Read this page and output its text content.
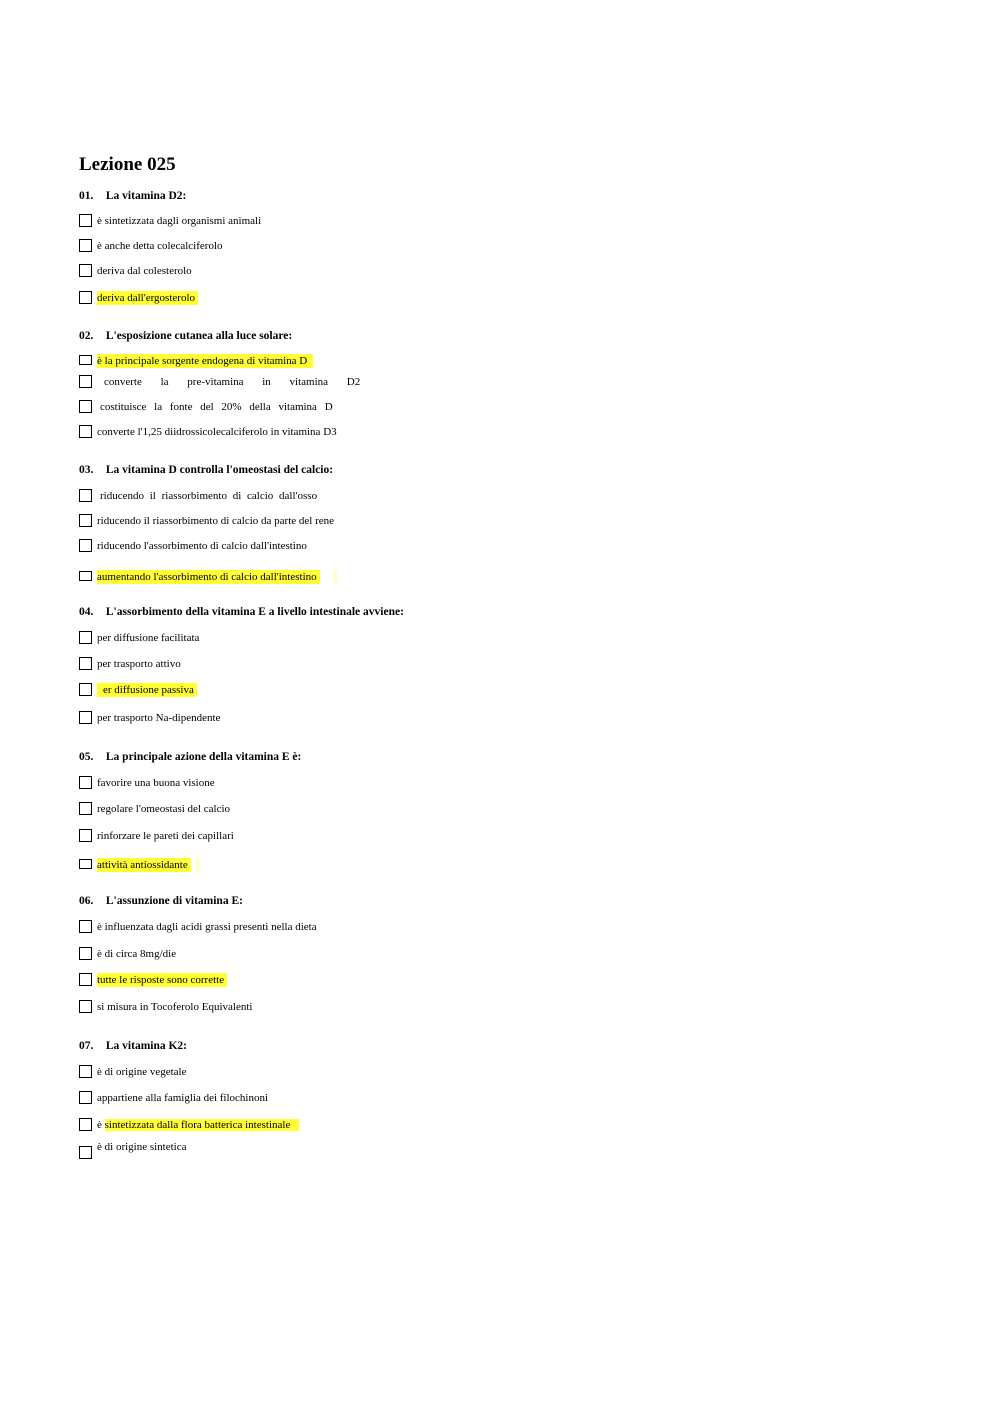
Lezione 025
01. La vitamina D2:
è sintetizzata dagli organismi animali
è anche detta colecalciferolo
deriva dal colesterolo
deriva dall'ergosterolo
02. L'esposizione cutanea alla luce solare:
è la principale sorgente endogena di vitamina D
converte la pre-vitamina in vitamina D2
costituisce la fonte del 20% della vitamina D
converte l'1,25 diidrossicolecalciferolo in vitamina D3
03. La vitamina D controlla l'omeostasi del calcio:
riducendo il riassorbimento di calcio dall'osso
riducendo il riassorbimento di calcio da parte del rene
riducendo l'assorbimento di calcio dall'intestino
aumentando l'assorbimento di calcio dall'intestino
04. L'assorbimento della vitamina E a livello intestinale avviene:
per diffusione facilitata
per trasporto attivo
er diffusione passiva
per trasporto Na-dipendente
05. La principale azione della vitamina E è:
favorire una buona visione
regolare l'omeostasi del calcio
rinforzare le pareti dei capillari
attività antiossidante
06. L'assunzione di vitamina E:
è influenzata dagli acidi grassi presenti nella dieta
è di circa 8mg/die
tutte le risposte sono corrette
si misura in Tocoferolo Equivalenti
07. La vitamina K2:
è di origine vegetale
appartiene alla famiglia dei filochinoni
è sintetizzata dalla flora batterica intestinale
è di origine sintetica
